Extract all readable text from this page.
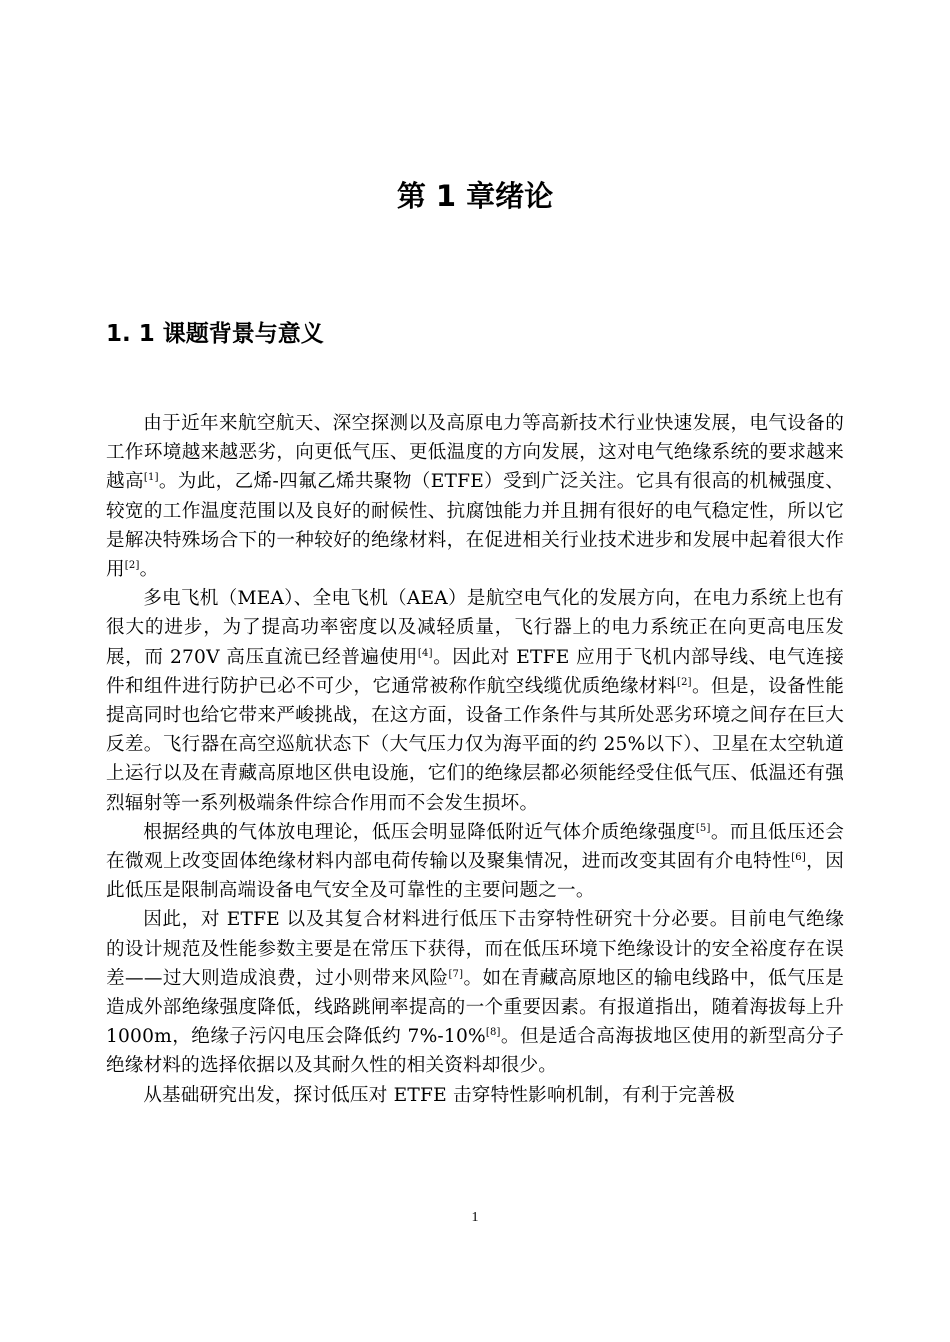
第 1 章绪论
1. 1 课题背景与意义

由于近年来航空航天、深空探测以及高原电力等高新技术行业快速发展，电气设备的工作环境越来越恶劣，向更低气压、更低温度的方向发展，这对电气绝缘系统的要求越来越高[1]。为此，乙烯-四氟乙烯共聚物（ETFE）受到广泛关注。它具有很高的机械强度、较宽的工作温度范围以及良好的耐候性、抗腐蚀能力并且拥有很好的电气稳定性，所以它是解决特殊场合下的一种较好的绝缘材料，在促进相关行业技术进步和发展中起着很大作用[2]。

多电飞机（MEA）、全电飞机（AEA）是航空电气化的发展方向，在电力系统上也有很大的进步，为了提高功率密度以及减轻质量，飞行器上的电力系统正在向更高电压发展，而 270V 高压直流已经普遍使用[4]。因此对 ETFE 应用于飞机内部导线、电气连接件和组件进行防护已必不可少，它通常被称作航空线缆优质绝缘材料[2]。但是，设备性能提高同时也给它带来严峻挑战，在这方面，设备工作条件与其所处恶劣环境之间存在巨大反差。飞行器在高空巡航状态下（大气压力仅为海平面的约 25%以下）、卫星在太空轨道上运行以及在青藏高原地区供电设施，它们的绝缘层都必须能经受住低气压、低温还有强烈辐射等一系列极端条件综合作用而不会发生损坏。

根据经典的气体放电理论，低压会明显降低附近气体介质绝缘强度[5]。而且低压还会在微观上改变固体绝缘材料内部电荷传输以及聚集情况，进而改变其固有介电特性[6]，因此低压是限制高端设备电气安全及可靠性的主要问题之一。

因此，对 ETFE 以及其复合材料进行低压下击穿特性研究十分必要。目前电气绝缘的设计规范及性能参数主要是在常压下获得，而在低压环境下绝缘设计的安全裕度存在误差——过大则造成浪费，过小则带来风险[7]。如在青藏高原地区的输电线路中，低气压是造成外部绝缘强度降低，线路跳闸率提高的一个重要因素。有报道指出，随着海拔每上升 1000m，绝缘子污闪电压会降低约 7%-10%[8]。但是适合高海拔地区使用的新型高分子绝缘材料的选择依据以及其耐久性的相关资料却很少。

从基础研究出发，探讨低压对 ETFE 击穿特性影响机制，有利于完善极

1
